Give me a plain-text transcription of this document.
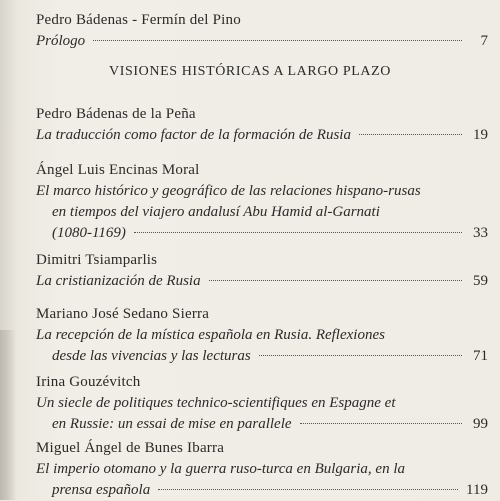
Pedro Bádenas - Fermín del Pino
Prólogo	7
VISIONES HISTÓRICAS A LARGO PLAZO
Pedro Bádenas de la Peña
La traducción como factor de la formación de Rusia	19
Ángel Luis Encinas Moral
El marco histórico y geográfico de las relaciones hispano-rusas
en tiempos del viajero andalusí Abu Hamid al-Garnati
(1080-1169)	33
Dimitri Tsiamparlis
La cristianización de Rusia	59
Mariano José Sedano Sierra
La recepción de la mística española en Rusia. Reflexiones
desde las vivencias y las lecturas	71
Irina Gouzévitch
Un siecle de politiques technico-scientifiques en Espagne et
en Russie: un essai de mise en parallele	99
Miguel Ángel de Bunes Ibarra
El imperio otomano y la guerra ruso-turca en Bulgaria, en la
prensa española	119
